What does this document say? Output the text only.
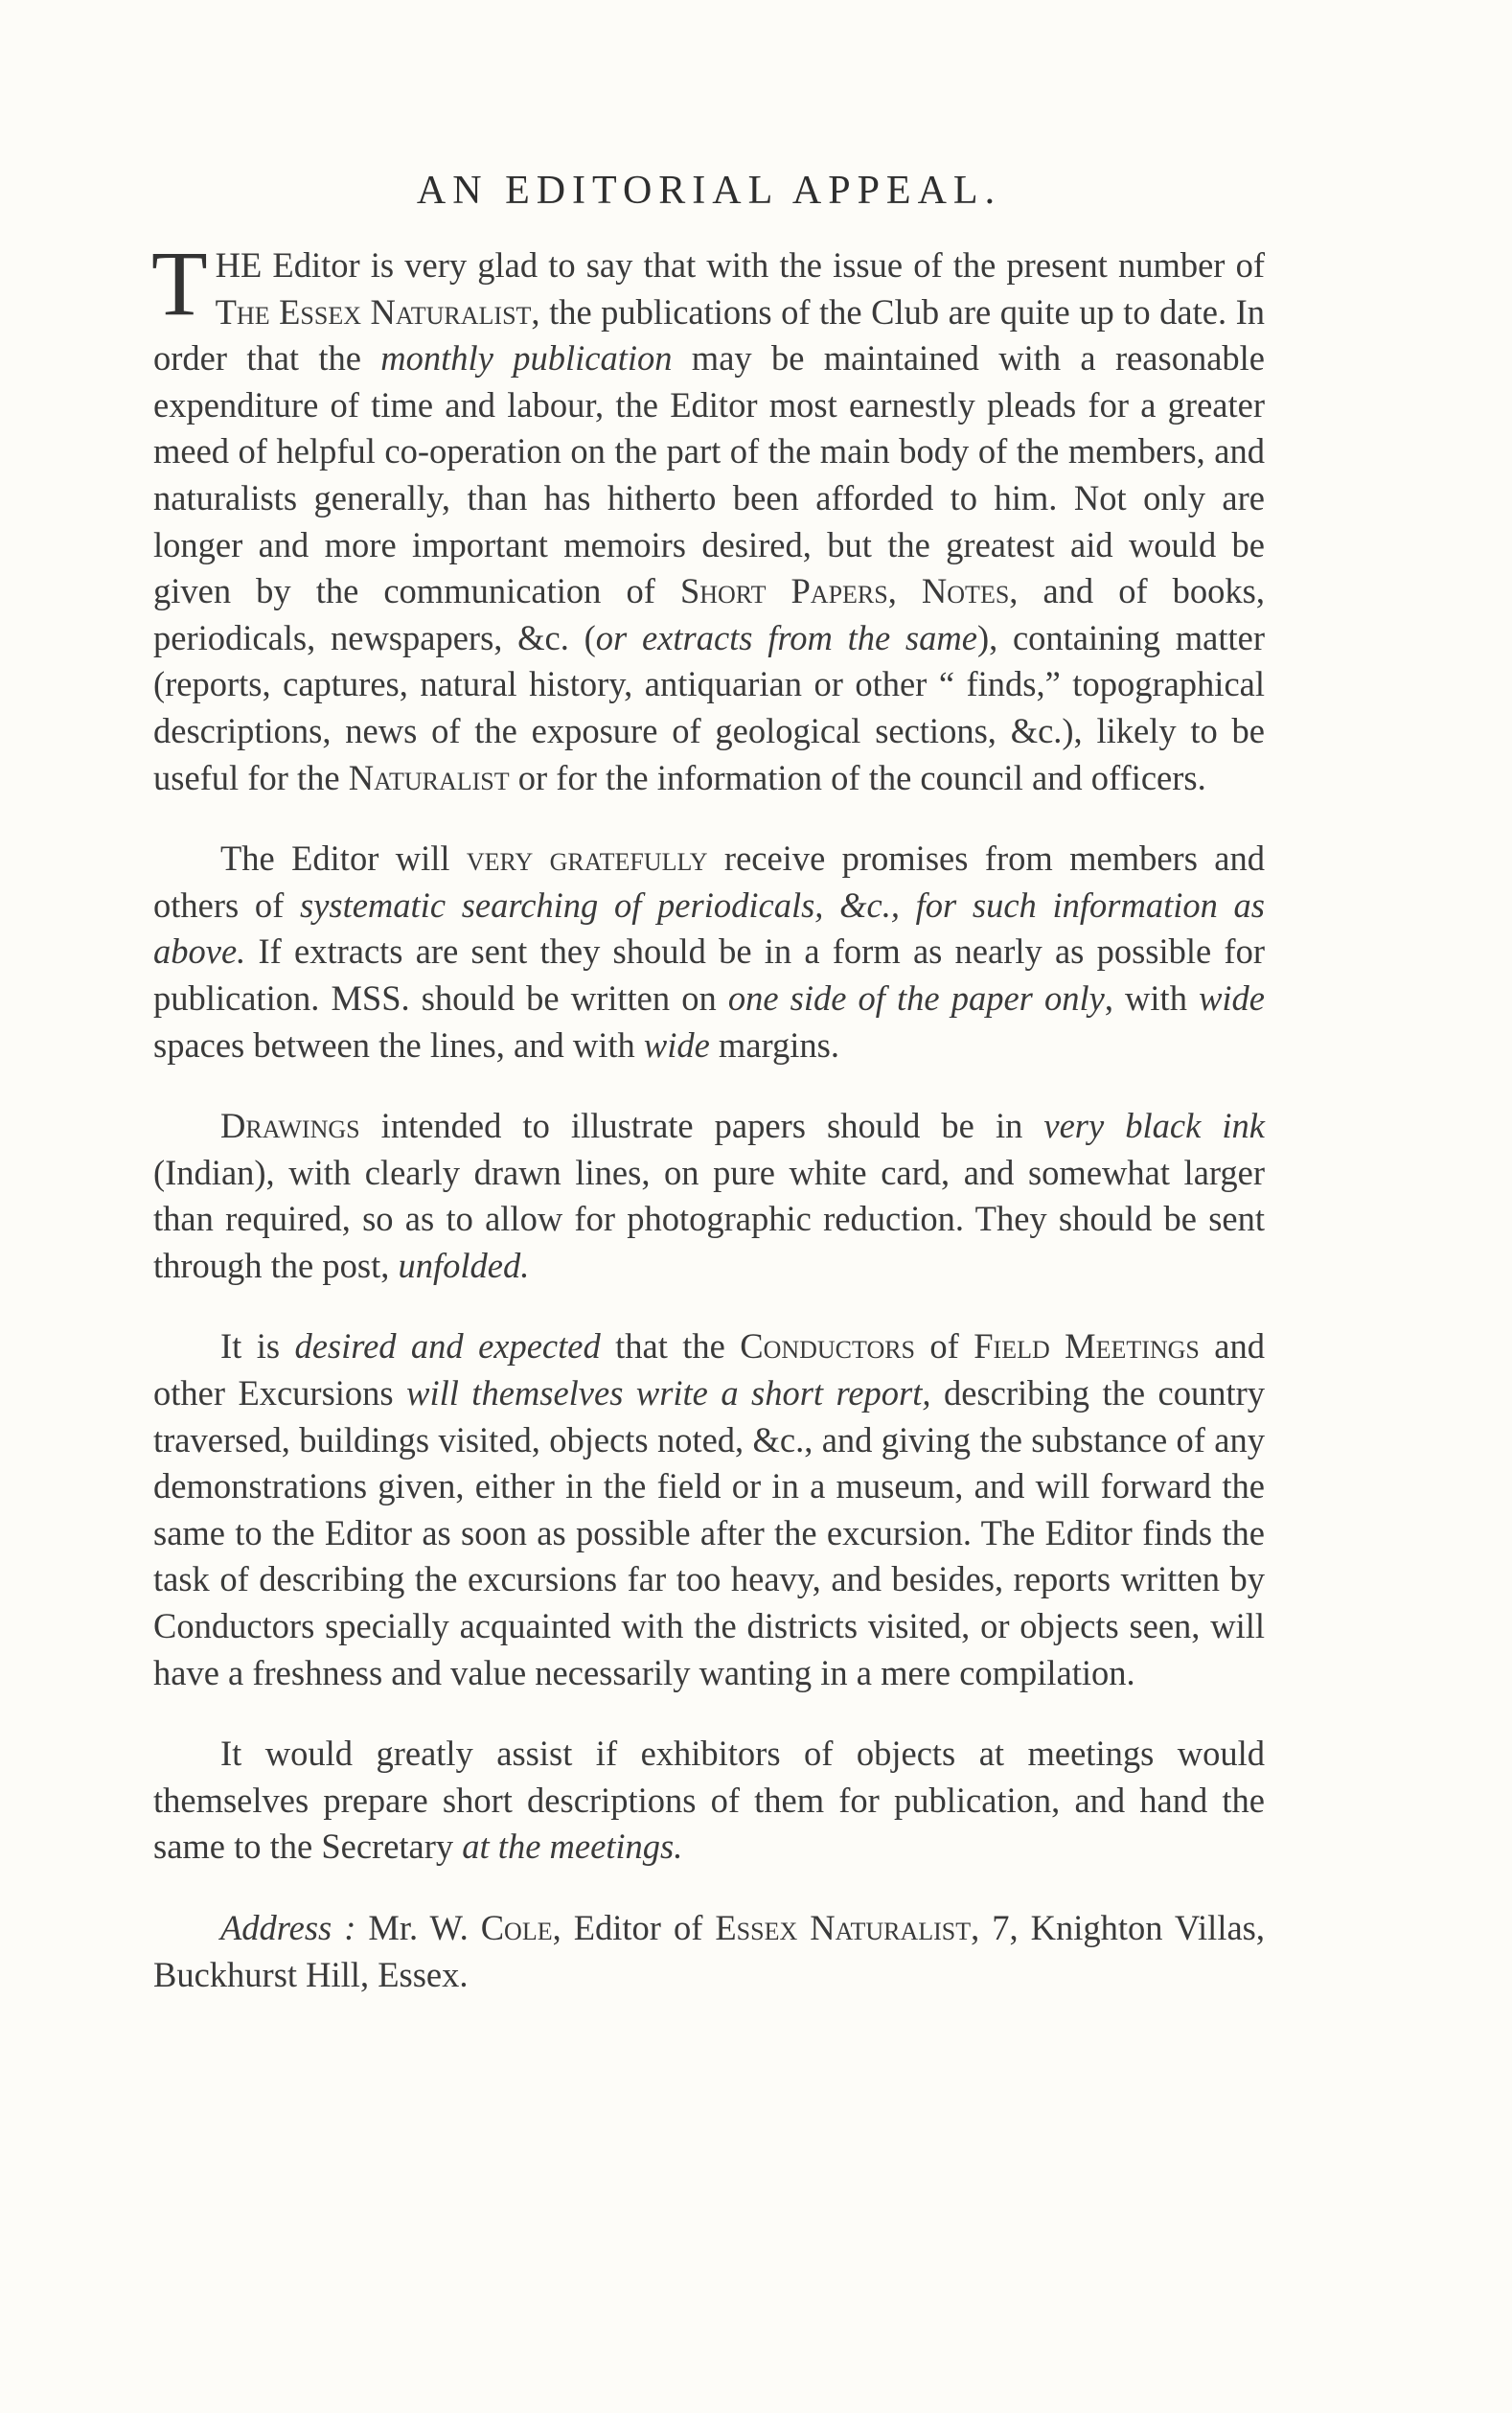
AN EDITORIAL APPEAL.

THE Editor is very glad to say that with the issue of the present number of The Essex Naturalist, the publications of the Club are quite up to date. In order that the monthly publication may be maintained with a reasonable expenditure of time and labour, the Editor most earnestly pleads for a greater meed of helpful co-operation on the part of the main body of the members, and naturalists generally, than has hitherto been afforded to him. Not only are longer and more important memoirs desired, but the greatest aid would be given by the communication of Short Papers, Notes, and of books, periodicals, newspapers, &c. (or extracts from the same), containing matter (reports, captures, natural history, antiquarian or other “ finds,” topographical descriptions, news of the exposure of geological sections, &c.), likely to be useful for the Naturalist or for the information of the council and officers.

The Editor will very gratefully receive promises from members and others of systematic searching of periodicals, &c., for such information as above. If extracts are sent they should be in a form as nearly as possible for publication. MSS. should be written on one side of the paper only, with wide spaces between the lines, and with wide margins.

Drawings intended to illustrate papers should be in very black ink (Indian), with clearly drawn lines, on pure white card, and somewhat larger than required, so as to allow for photographic reduction. They should be sent through the post, unfolded.

It is desired and expected that the Conductors of Field Meetings and other Excursions will themselves write a short report, describing the country traversed, buildings visited, objects noted, &c., and giving the substance of any demonstrations given, either in the field or in a museum, and will forward the same to the Editor as soon as possible after the excursion. The Editor finds the task of describing the excursions far too heavy, and besides, reports written by Conductors specially acquainted with the districts visited, or objects seen, will have a freshness and value necessarily wanting in a mere compilation.

It would greatly assist if exhibitors of objects at meetings would themselves prepare short descriptions of them for publication, and hand the same to the Secretary at the meetings.

Address : Mr. W. Cole, Editor of Essex Naturalist, 7, Knighton Villas, Buckhurst Hill, Essex.
